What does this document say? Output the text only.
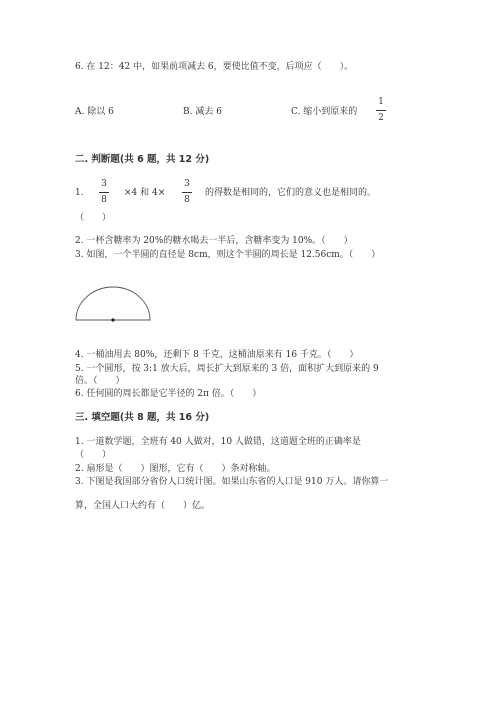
6. 在 12：42 中，如果前项减去 6，要使比值不变，后项应（　　）。
A. 除以 6	B. 减去 6	C. 缩小到原来的
1
2
二. 判断题(共 6 题，共 12 分)
1.
3
8
×4 和 4×
3
8
的得数是相同的，它们的意义也是相同的。
（　　）
2. 一杯含糖率为 20%的糖水喝去一半后，含糖率变为 10%。（　　）
3. 如图，一个半圆的直径是 8cm，则这个半圆的周长是 12.56cm。（　　）
4. 一桶油用去 80%，还剩下 8 千克，这桶油原来有 16 千克。（　　）
5. 一个圆形，按 3:1 放大后，周长扩大到原来的 3 倍，面积扩大到原来的 9
倍。（　　）
6. 任何圆的周长都是它半径的 2π 倍。（　　）
三. 填空题(共 8 题，共 16 分)
1. 一道数学题，全班有 40 人做对，10 人做错，这道题全班的正确率是
（　　）
2. 扇形是（　　）图形，它有（　　）条对称轴。
3. 下图是我国部分省份人口统计图。如果山东省的人口是 910 万人。请你算一
算，全国人口大约有（　　）亿。
